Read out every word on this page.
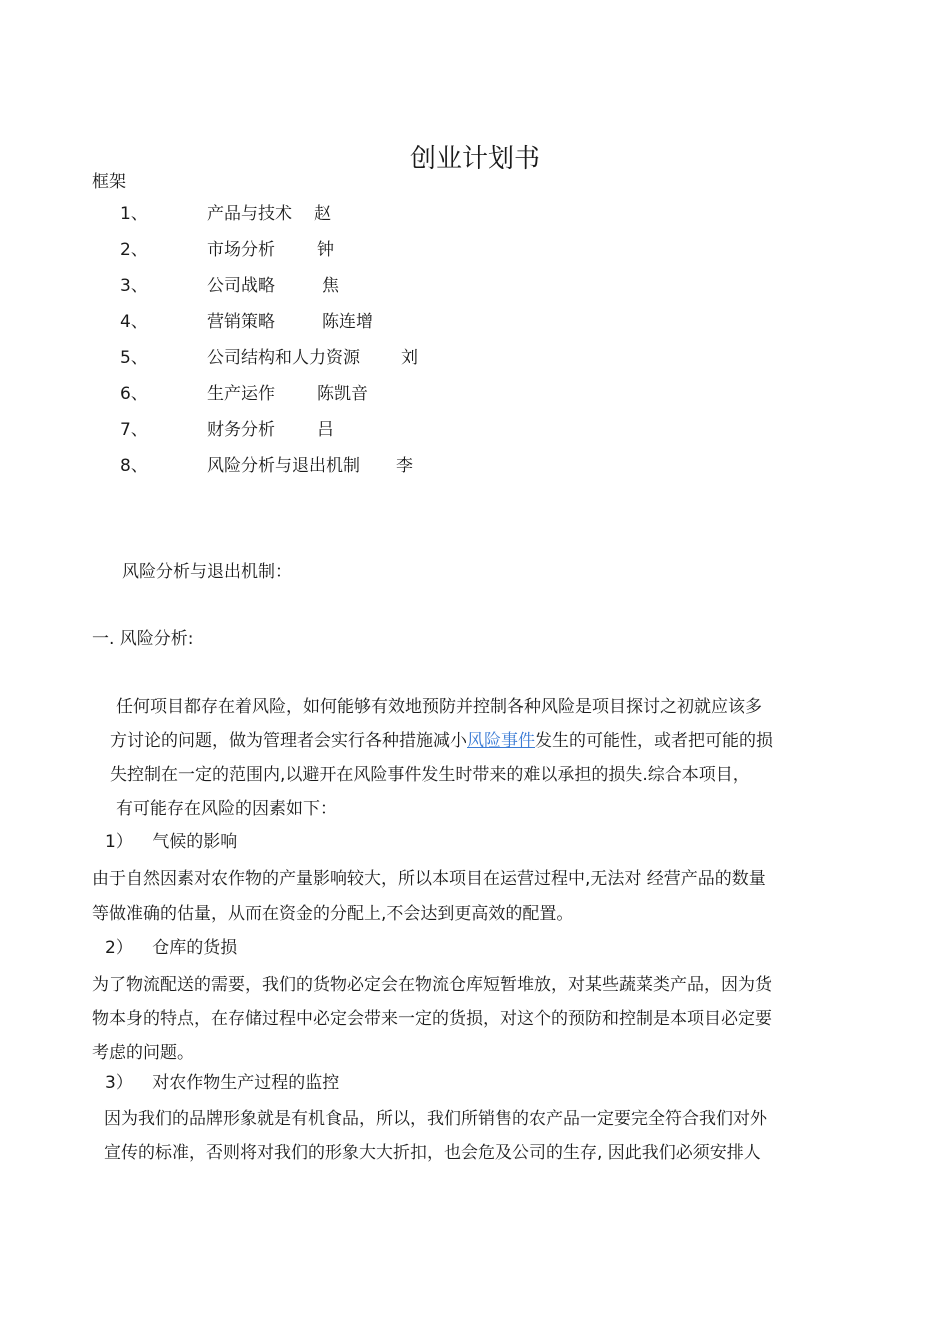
创业计划书
框架
1、	产品与技术 赵
2、	市场分析 钟
3、	公司战略	焦
4、	营销策略	陈连增
5、	公司结构和人力资源 刘
6、	生产运作 陈凯音
7、	财务分析 吕
8、	风险分析与退出机制 李
风险分析与退出机制：
一. 风险分析:
任何项目都存在着风险，如何能够有效地预防并控制各种风险是项目探讨之初就应该多
方讨论的问题，做为管理者会实行各种措施减小风险事件发生的可能性，或者把可能的损
失控制在一定的范围内,以避开在风险事件发生时带来的难以承担的损失.综合本项目，
有可能存在风险的因素如下：
1） 气候的影响
由于自然因素对农作物的产量影响较大，所以本项目在运营过程中,无法对 经营产品的数量
等做准确的估量，从而在资金的分配上,不会达到更高效的配置。
2） 仓库的货损
为了物流配送的需要，我们的货物必定会在物流仓库短暂堆放，对某些蔬菜类产品，因为货
物本身的特点，在存储过程中必定会带来一定的货损，对这个的预防和控制是本项目必定要
考虑的问题。
3） 对农作物生产过程的监控
因为我们的品牌形象就是有机食品，所以，我们所销售的农产品一定要完全符合我们对外
宣传的标准，否则将对我们的形象大大折扣，也会危及公司的生存, 因此我们必须安排人
